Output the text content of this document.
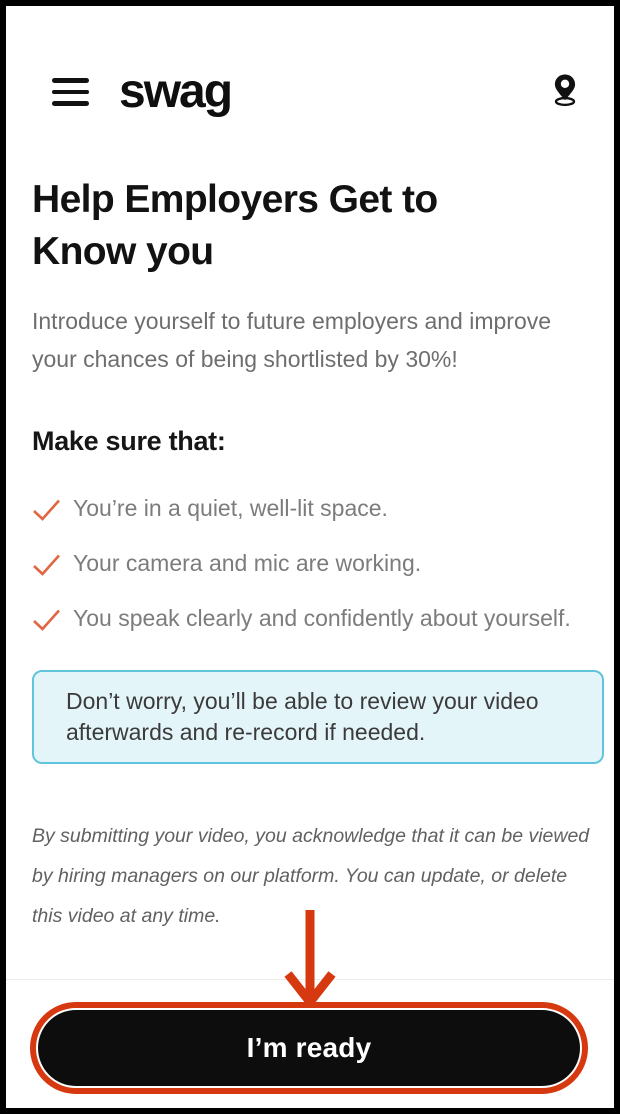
swag
Help Employers Get to
Know you

Introduce yourself to future employers and improve your chances of being shortlisted by 30%!

Make sure that:
You’re in a quiet, well-lit space.
Your camera and mic are working.
You speak clearly and confidently about yourself.
Don’t worry, you’ll be able to review your video afterwards and re-record if needed.

By submitting your video, you acknowledge that it can be viewed by hiring managers on our platform. You can update, or delete this video at any time.

I’m ready
